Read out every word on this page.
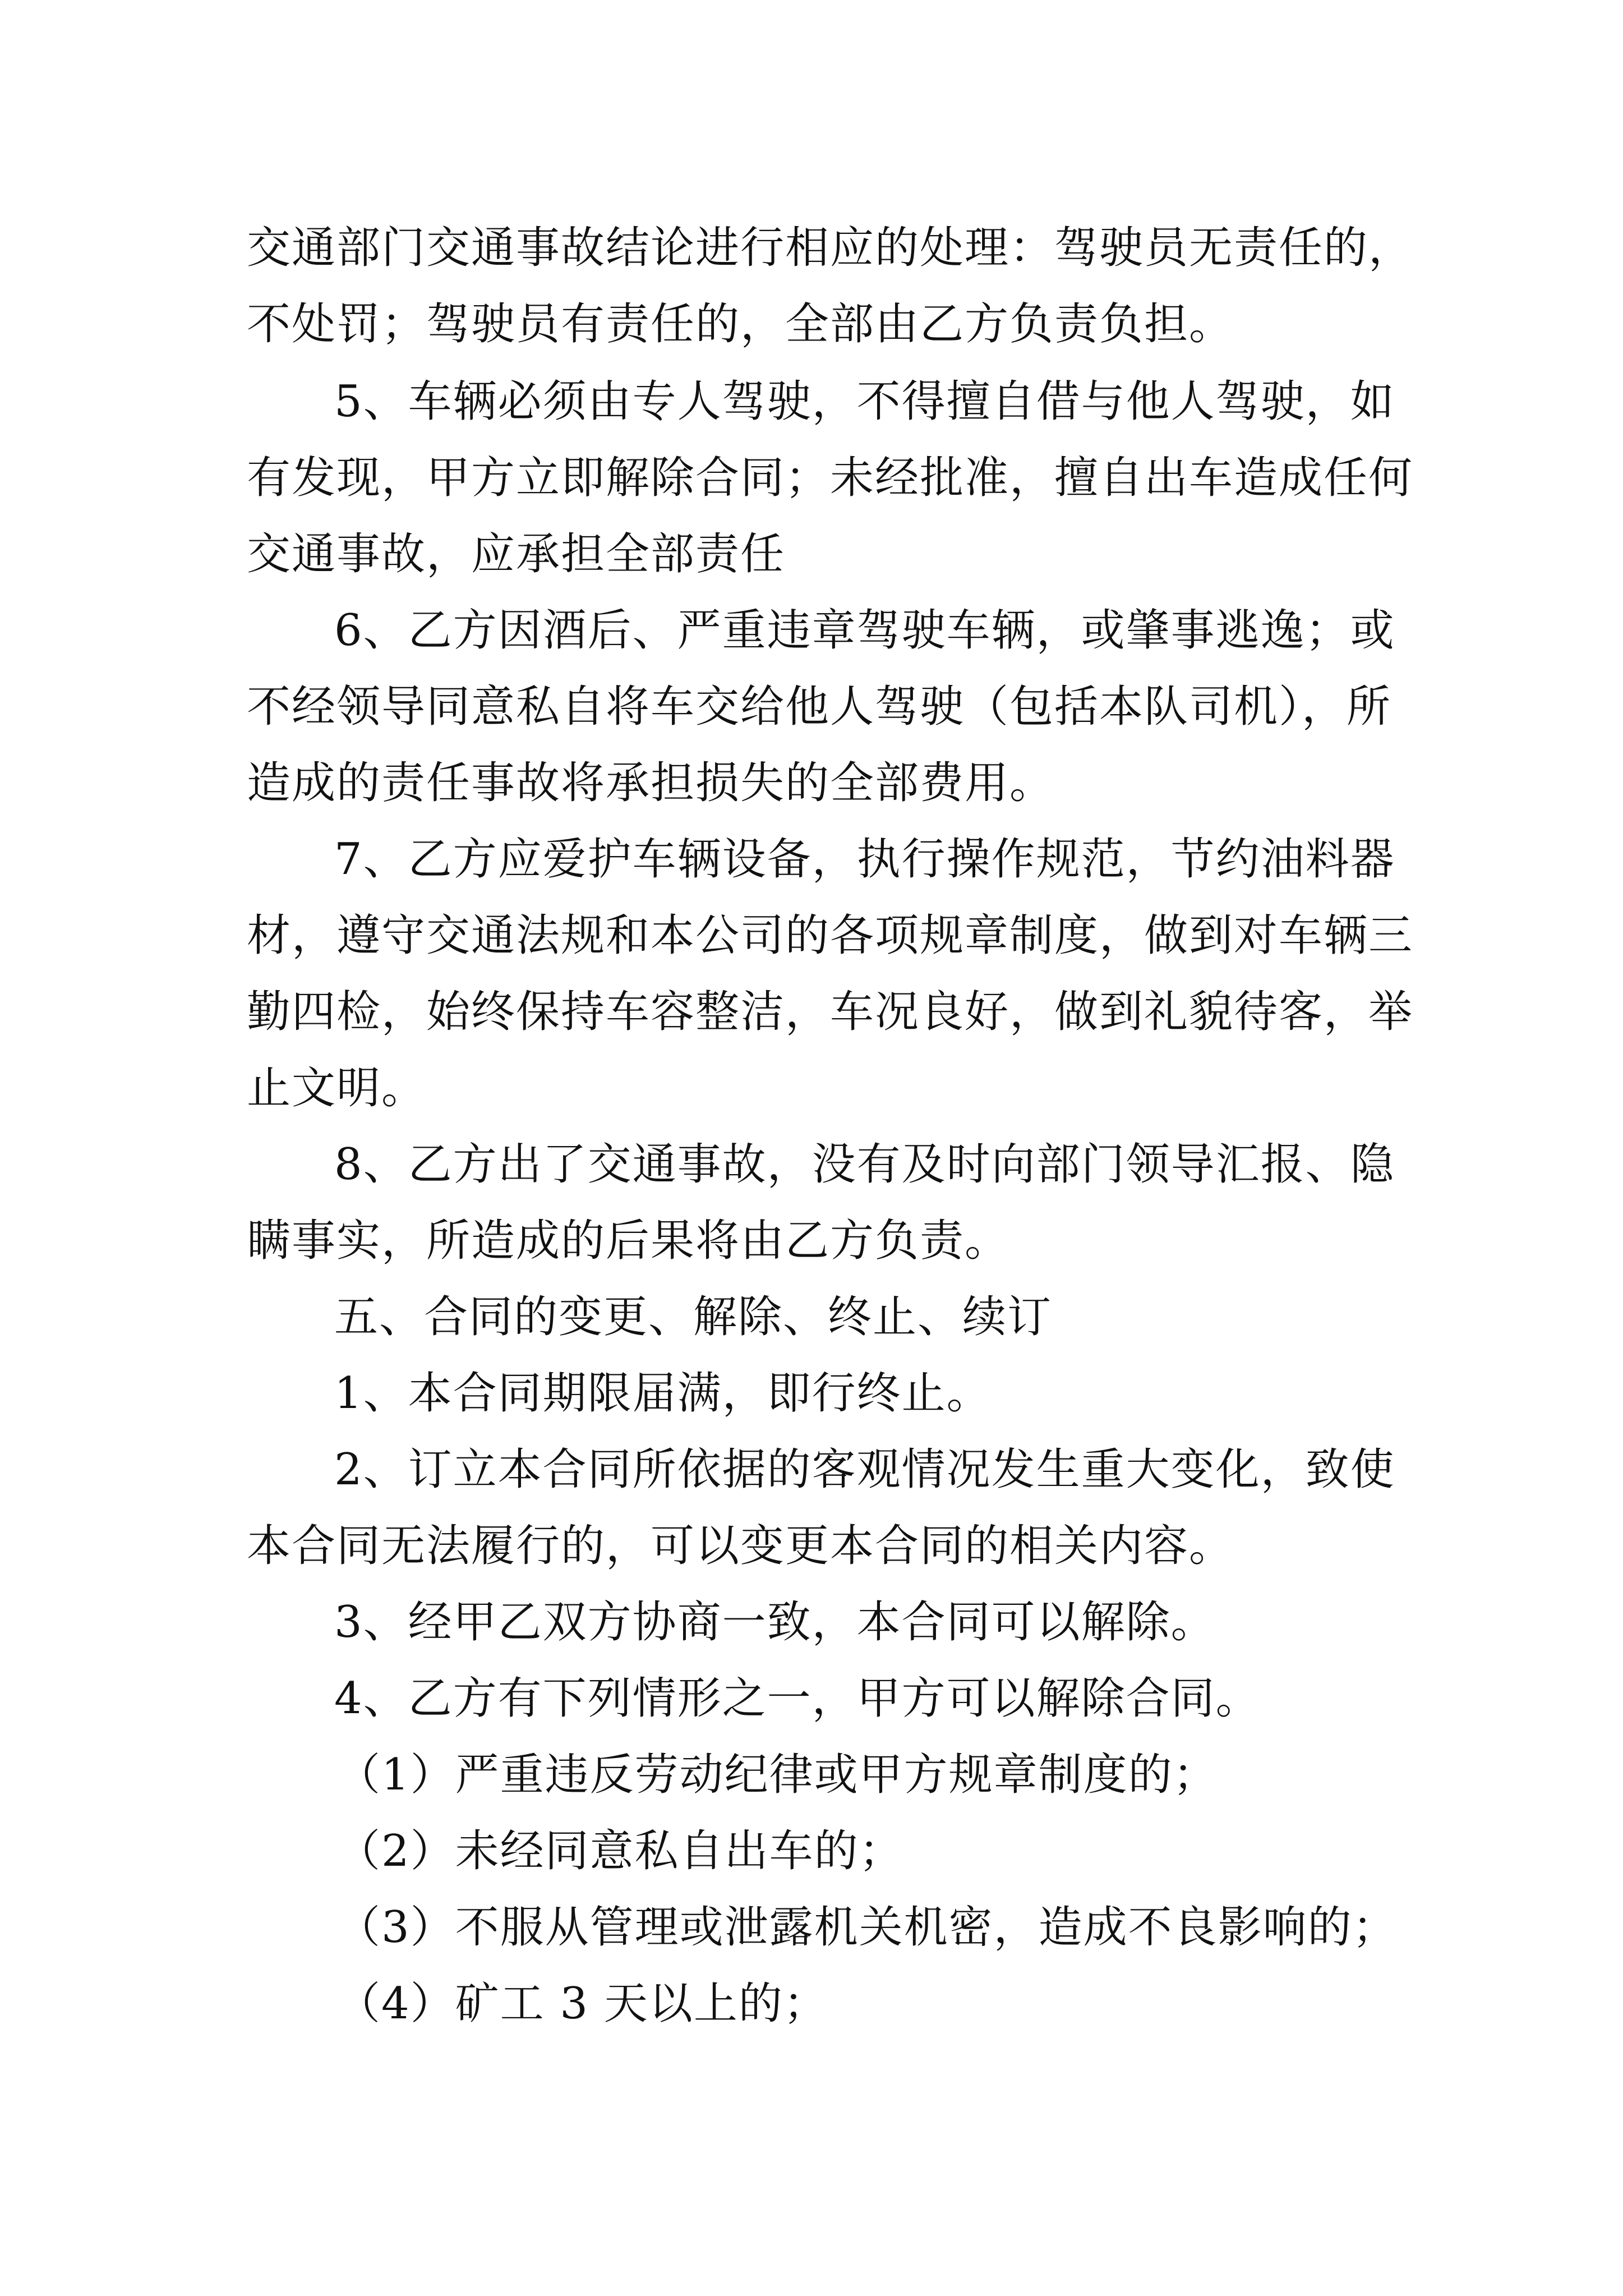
交通部门交通事故结论进行相应的处理：驾驶员无责任的，
不处罚；驾驶员有责任的，全部由乙方负责负担。
5、车辆必须由专人驾驶，不得擅自借与他人驾驶，如
有发现，甲方立即解除合同；未经批准，擅自出车造成任何
交通事故，应承担全部责任
6、乙方因酒后、严重违章驾驶车辆，或肇事逃逸；或
不经领导同意私自将车交给他人驾驶（包括本队司机），所
造成的责任事故将承担损失的全部费用。
7、乙方应爱护车辆设备，执行操作规范，节约油料器
材，遵守交通法规和本公司的各项规章制度，做到对车辆三
勤四检，始终保持车容整洁，车况良好，做到礼貌待客，举
止文明。
8、乙方出了交通事故，没有及时向部门领导汇报、隐
瞒事实，所造成的后果将由乙方负责。
五、合同的变更、解除、终止、续订
1、本合同期限届满，即行终止。
2、订立本合同所依据的客观情况发生重大变化，致使
本合同无法履行的，可以变更本合同的相关内容。
3、经甲乙双方协商一致，本合同可以解除。
4、乙方有下列情形之一，甲方可以解除合同。
（1）严重违反劳动纪律或甲方规章制度的；
（2）未经同意私自出车的；
（3）不服从管理或泄露机关机密，造成不良影响的；
（4）矿工 3 天以上的；
